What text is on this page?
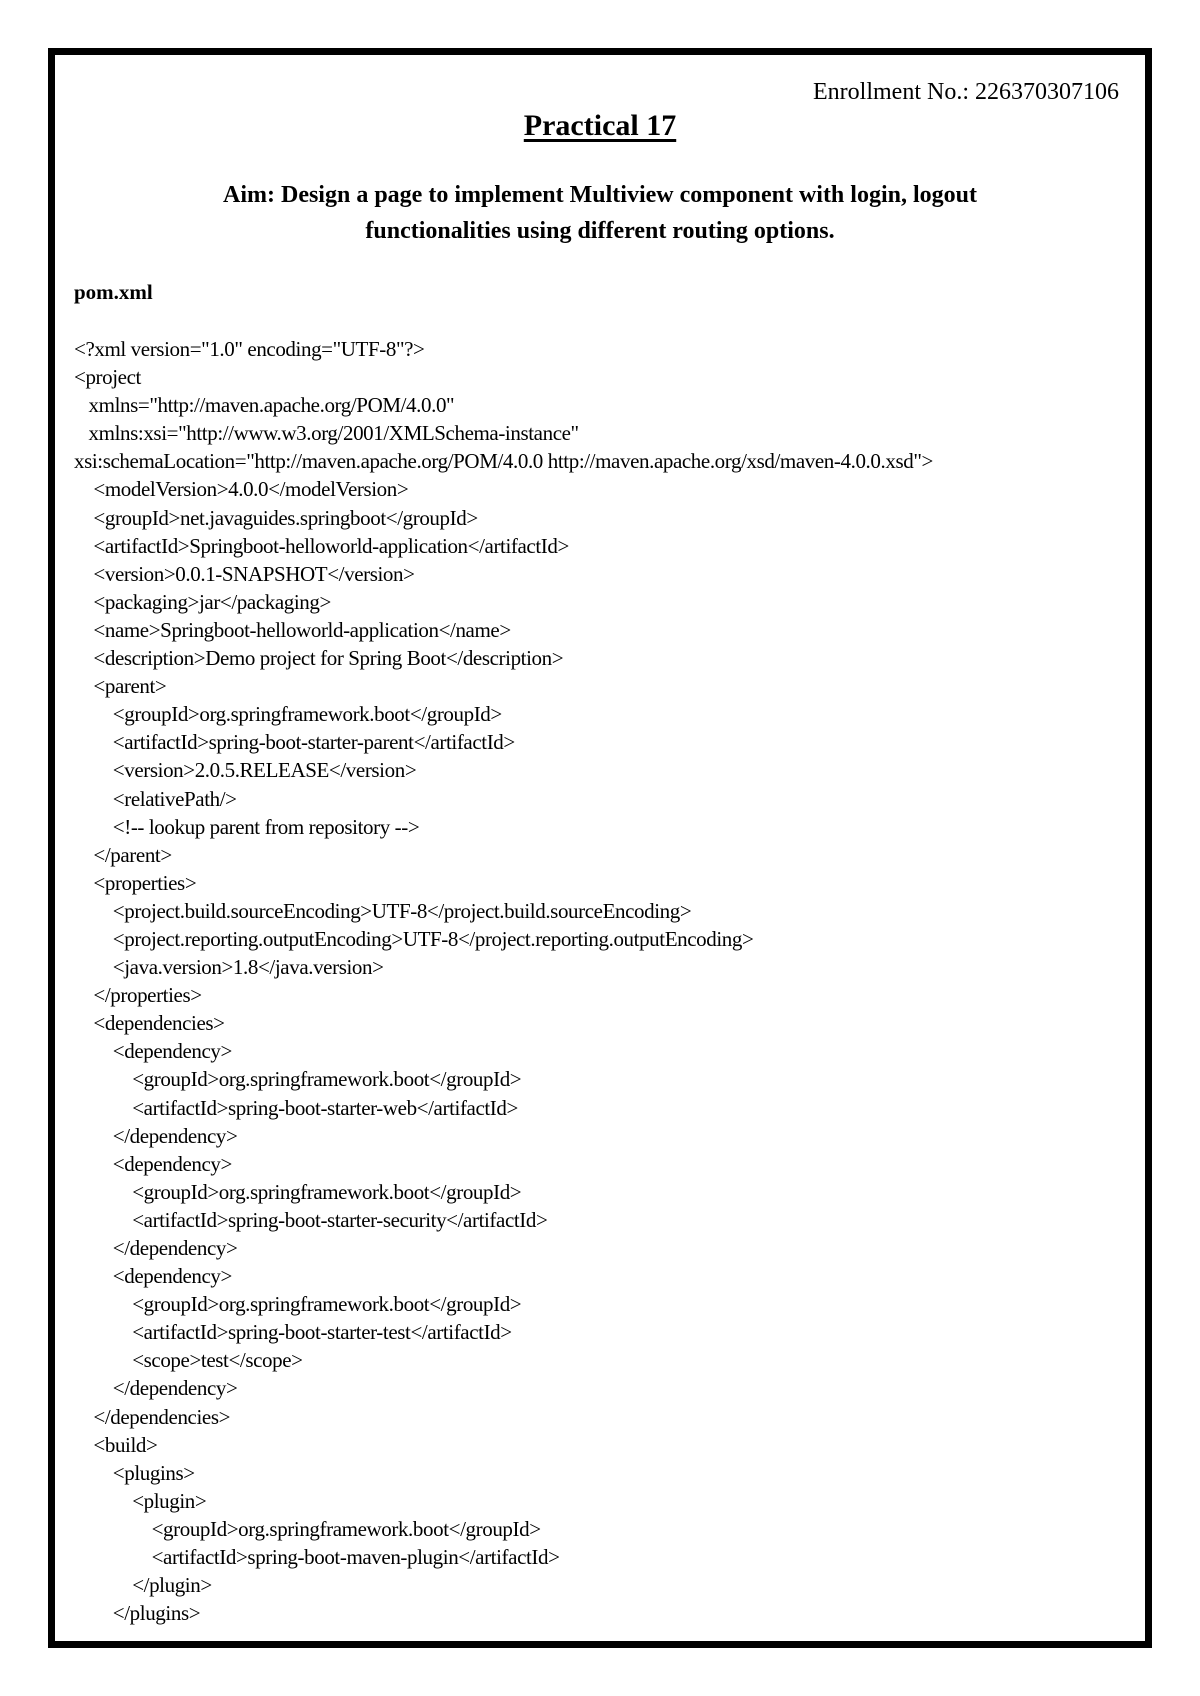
Enrollment No.: 226370307106
Practical 17
Aim: Design a page to implement Multiview component with login, logout
functionalities using different routing options.
pom.xml
<?xml version="1.0" encoding="UTF-8"?>
<project
xmlns="http://maven.apache.org/POM/4.0.0"
xmlns:xsi="http://www.w3.org/2001/XMLSchema-instance"
xsi:schemaLocation="http://maven.apache.org/POM/4.0.0 http://maven.apache.org/xsd/maven-4.0.0.xsd">
<modelVersion>4.0.0</modelVersion>
<groupId>net.javaguides.springboot</groupId>
<artifactId>Springboot-helloworld-application</artifactId>
<version>0.0.1-SNAPSHOT</version>
<packaging>jar</packaging>
<name>Springboot-helloworld-application</name>
<description>Demo project for Spring Boot</description>
<parent>
<groupId>org.springframework.boot</groupId>
<artifactId>spring-boot-starter-parent</artifactId>
<version>2.0.5.RELEASE</version>
<relativePath/>
<!-- lookup parent from repository -->
</parent>
<properties>
<project.build.sourceEncoding>UTF-8</project.build.sourceEncoding>
<project.reporting.outputEncoding>UTF-8</project.reporting.outputEncoding>
<java.version>1.8</java.version>
</properties>
<dependencies>
<dependency>
<groupId>org.springframework.boot</groupId>
<artifactId>spring-boot-starter-web</artifactId>
</dependency>
<dependency>
<groupId>org.springframework.boot</groupId>
<artifactId>spring-boot-starter-security</artifactId>
</dependency>
<dependency>
<groupId>org.springframework.boot</groupId>
<artifactId>spring-boot-starter-test</artifactId>
<scope>test</scope>
</dependency>
</dependencies>
<build>
<plugins>
<plugin>
<groupId>org.springframework.boot</groupId>
<artifactId>spring-boot-maven-plugin</artifactId>
</plugin>
</plugins>
